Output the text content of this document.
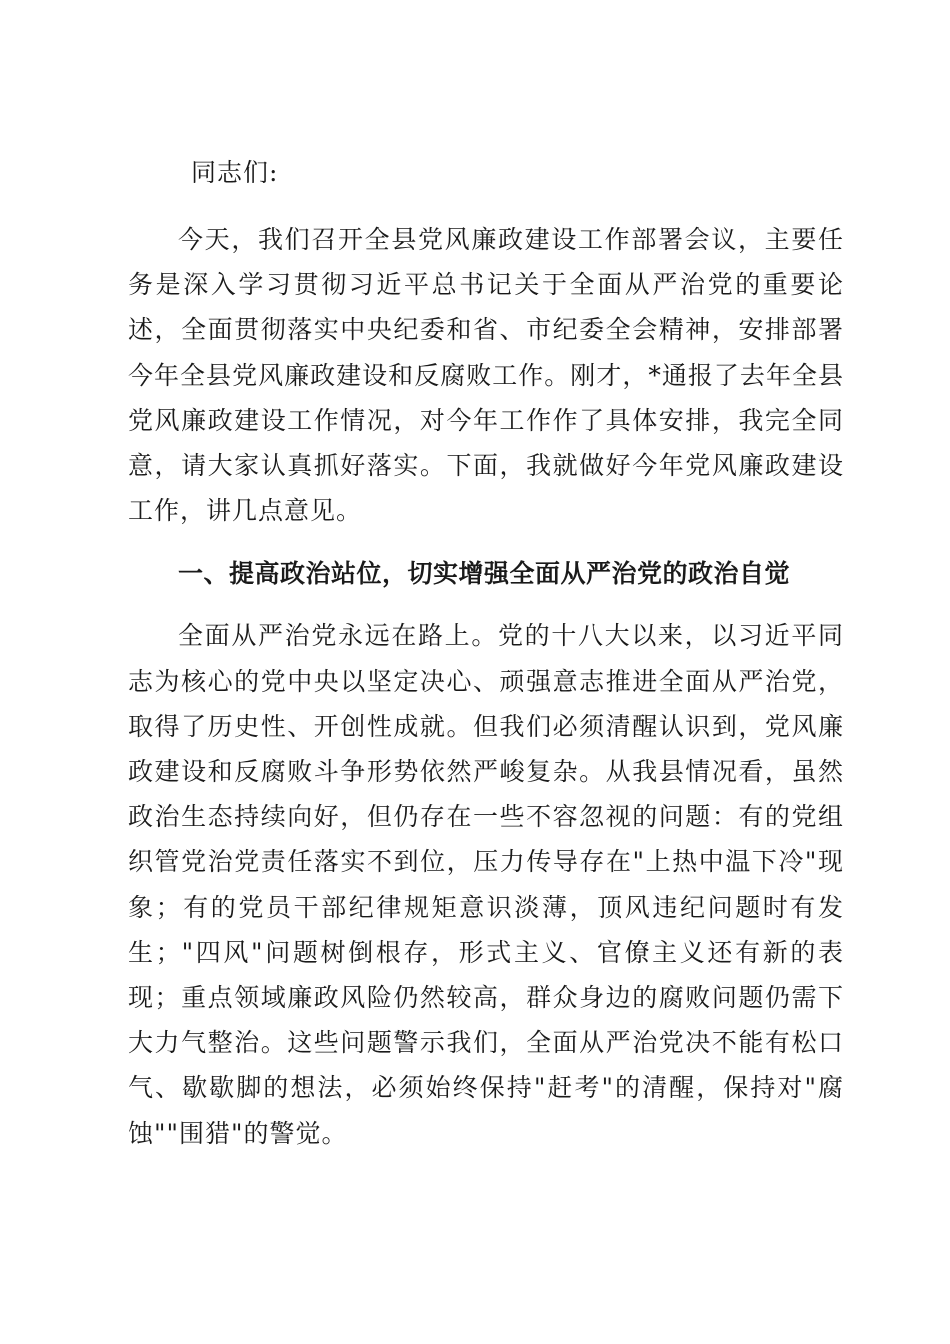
同志们:

今天，我们召开全县党风廉政建设工作部署会议，主要任务是深入学习贯彻习近平总书记关于全面从严治党的重要论述，全面贯彻落实中央纪委和省、市纪委全会精神，安排部署今年全县党风廉政建设和反腐败工作。刚才，*通报了去年全县党风廉政建设工作情况，对今年工作作了具体安排，我完全同意，请大家认真抓好落实。下面，我就做好今年党风廉政建设工作，讲几点意见。

一、提高政治站位，切实增强全面从严治党的政治自觉

全面从严治党永远在路上。党的十八大以来，以习近平同志为核心的党中央以坚定决心、顽强意志推进全面从严治党，取得了历史性、开创性成就。但我们必须清醒认识到，党风廉政建设和反腐败斗争形势依然严峻复杂。从我县情况看，虽然政治生态持续向好，但仍存在一些不容忽视的问题：有的党组织管党治党责任落实不到位，压力传导存在"上热中温下冷"现象；有的党员干部纪律规矩意识淡薄，顶风违纪问题时有发生；"四风"问题树倒根存，形式主义、官僚主义还有新的表现；重点领域廉政风险仍然较高，群众身边的腐败问题仍需下大力气整治。这些问题警示我们，全面从严治党决不能有松口气、歇歇脚的想法，必须始终保持"赶考"的清醒，保持对"腐蚀""围猎"的警觉。
